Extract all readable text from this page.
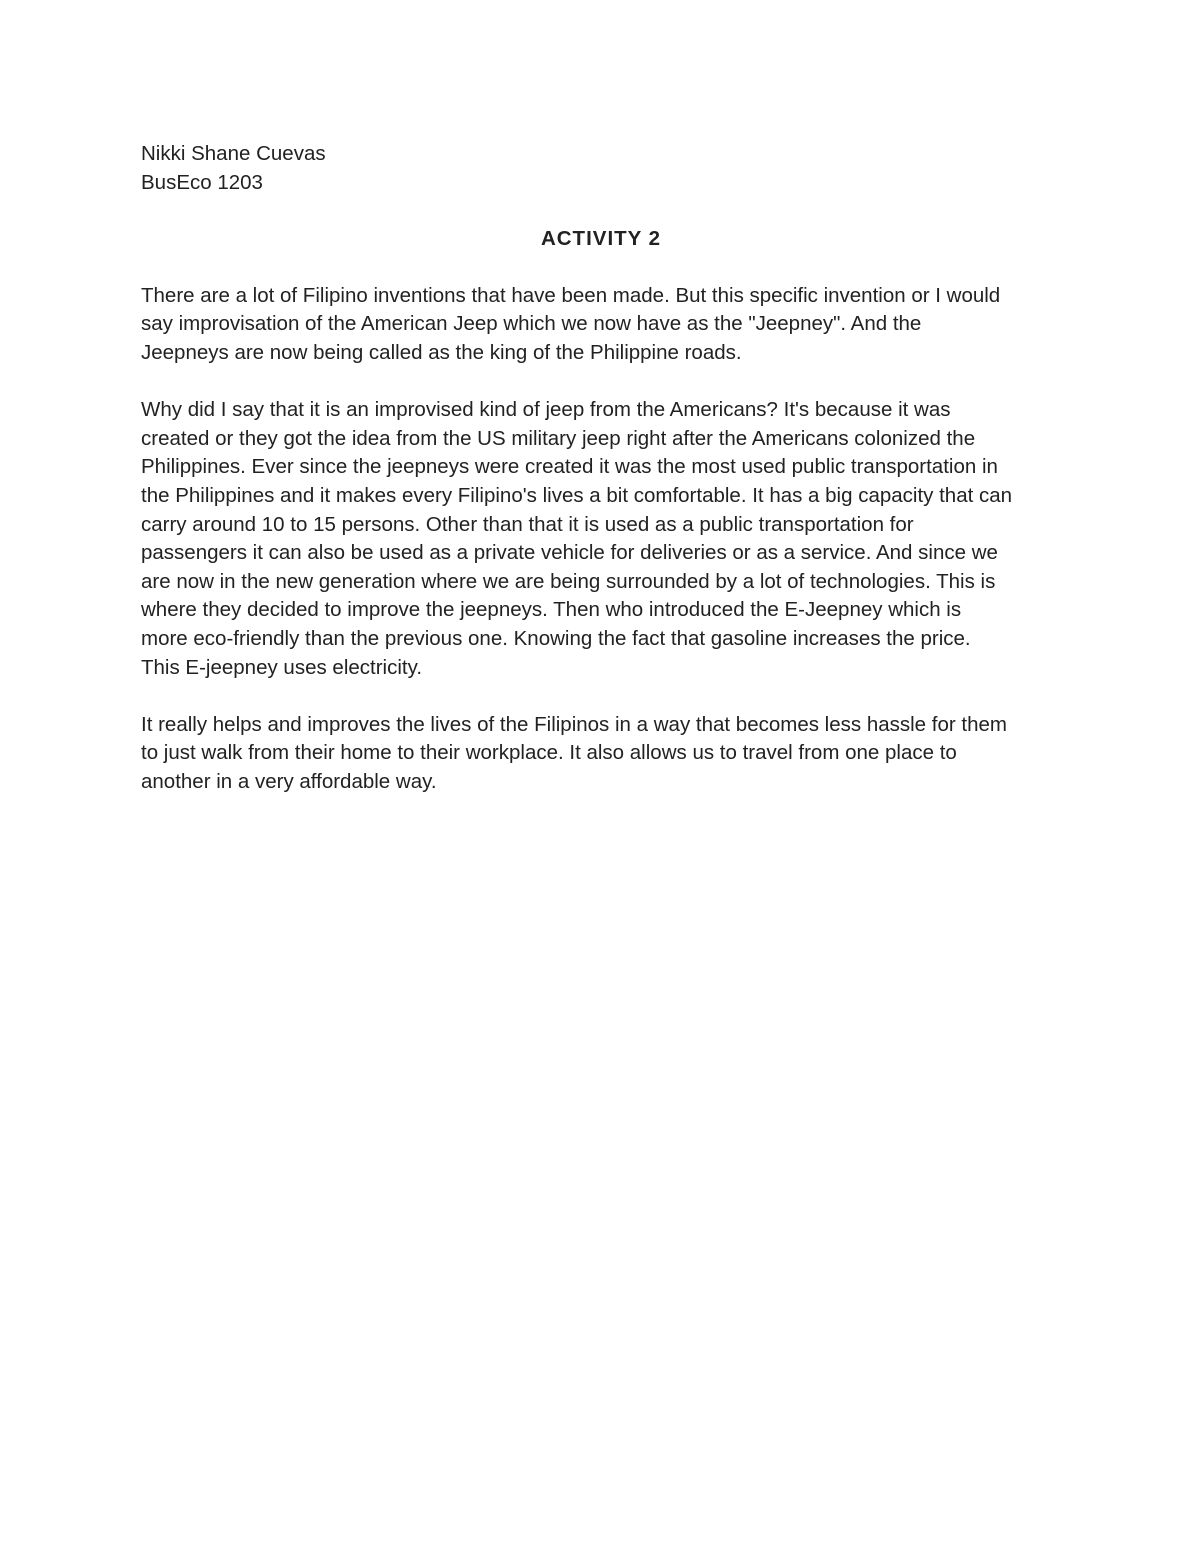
Nikki Shane Cuevas
BusEco 1203
ACTIVITY 2
There are a lot of Filipino inventions that have been made. But this specific invention or I would
say improvisation of the American Jeep which we now have as the "Jeepney". And the
Jeepneys are now being called as the king of the Philippine roads.
Why did I say that it is an improvised kind of jeep from the Americans? It's because it was
created or they got the idea from the US military jeep right after the Americans colonized the
Philippines. Ever since the jeepneys were created it was the most used public transportation in
the Philippines and it makes every Filipino's lives a bit comfortable. It has a big capacity that can
carry around 10 to 15 persons. Other than that it is used as a public transportation for
passengers it can also be used as a private vehicle for deliveries or as a service. And since we
are now in the new generation where we are being surrounded by a lot of technologies. This is
where they decided to improve the jeepneys. Then who introduced the E-Jeepney which is
more eco-friendly than the previous one. Knowing the fact that gasoline increases the price.
This E-jeepney uses electricity.
It really helps and improves the lives of the Filipinos in a way that becomes less hassle for them
to just walk from their home to their workplace. It also allows us to travel from one place to
another in a very affordable way.
